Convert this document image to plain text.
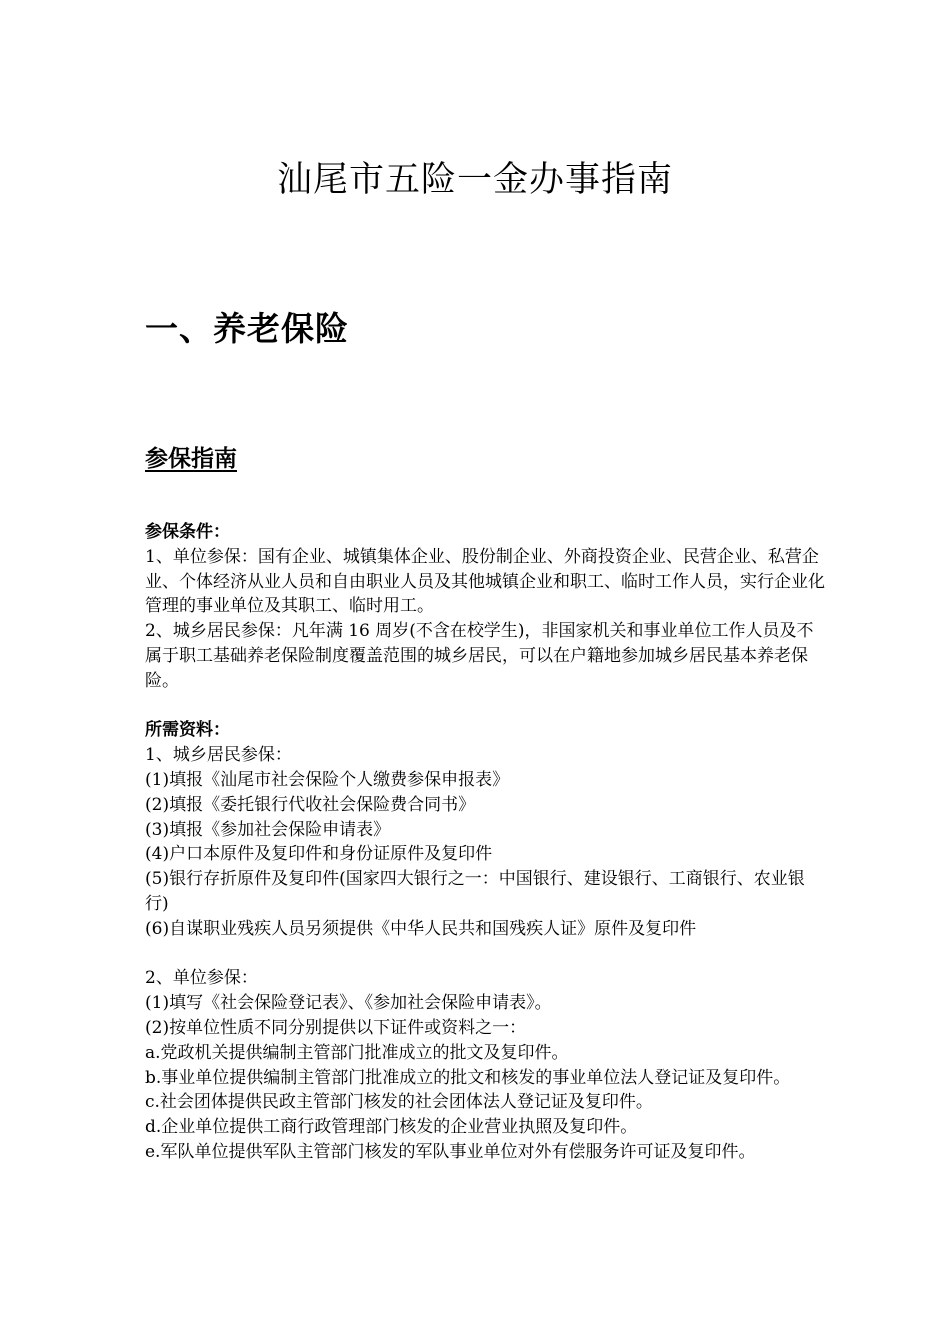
汕尾市五险一金办事指南
一、养老保险
参保指南

参保条件：

1、单位参保：国有企业、城镇集体企业、股份制企业、外商投资企业、民营企业、私营企业、个体经济从业人员和自由职业人员及其他城镇企业和职工、临时工作人员，实行企业化管理的事业单位及其职工、临时用工。

2、城乡居民参保：凡年满 16 周岁(不含在校学生)，非国家机关和事业单位工作人员及不属于职工基础养老保险制度覆盖范围的城乡居民，可以在户籍地参加城乡居民基本养老保险。

所需资料：

1、城乡居民参保：

(1)填报《汕尾市社会保险个人缴费参保申报表》

(2)填报《委托银行代收社会保险费合同书》

(3)填报《参加社会保险申请表》

(4)户口本原件及复印件和身份证原件及复印件

(5)银行存折原件及复印件(国家四大银行之一：中国银行、建设银行、工商银行、农业银行)

(6)自谋职业残疾人员另须提供《中华人民共和国残疾人证》原件及复印件

2、单位参保：

(1)填写《社会保险登记表》、《参加社会保险申请表》。

(2)按单位性质不同分别提供以下证件或资料之一：

a.党政机关提供编制主管部门批准成立的批文及复印件。

b.事业单位提供编制主管部门批准成立的批文和核发的事业单位法人登记证及复印件。

c.社会团体提供民政主管部门核发的社会团体法人登记证及复印件。

d.企业单位提供工商行政管理部门核发的企业营业执照及复印件。

e.军队单位提供军队主管部门核发的军队事业单位对外有偿服务许可证及复印件。
